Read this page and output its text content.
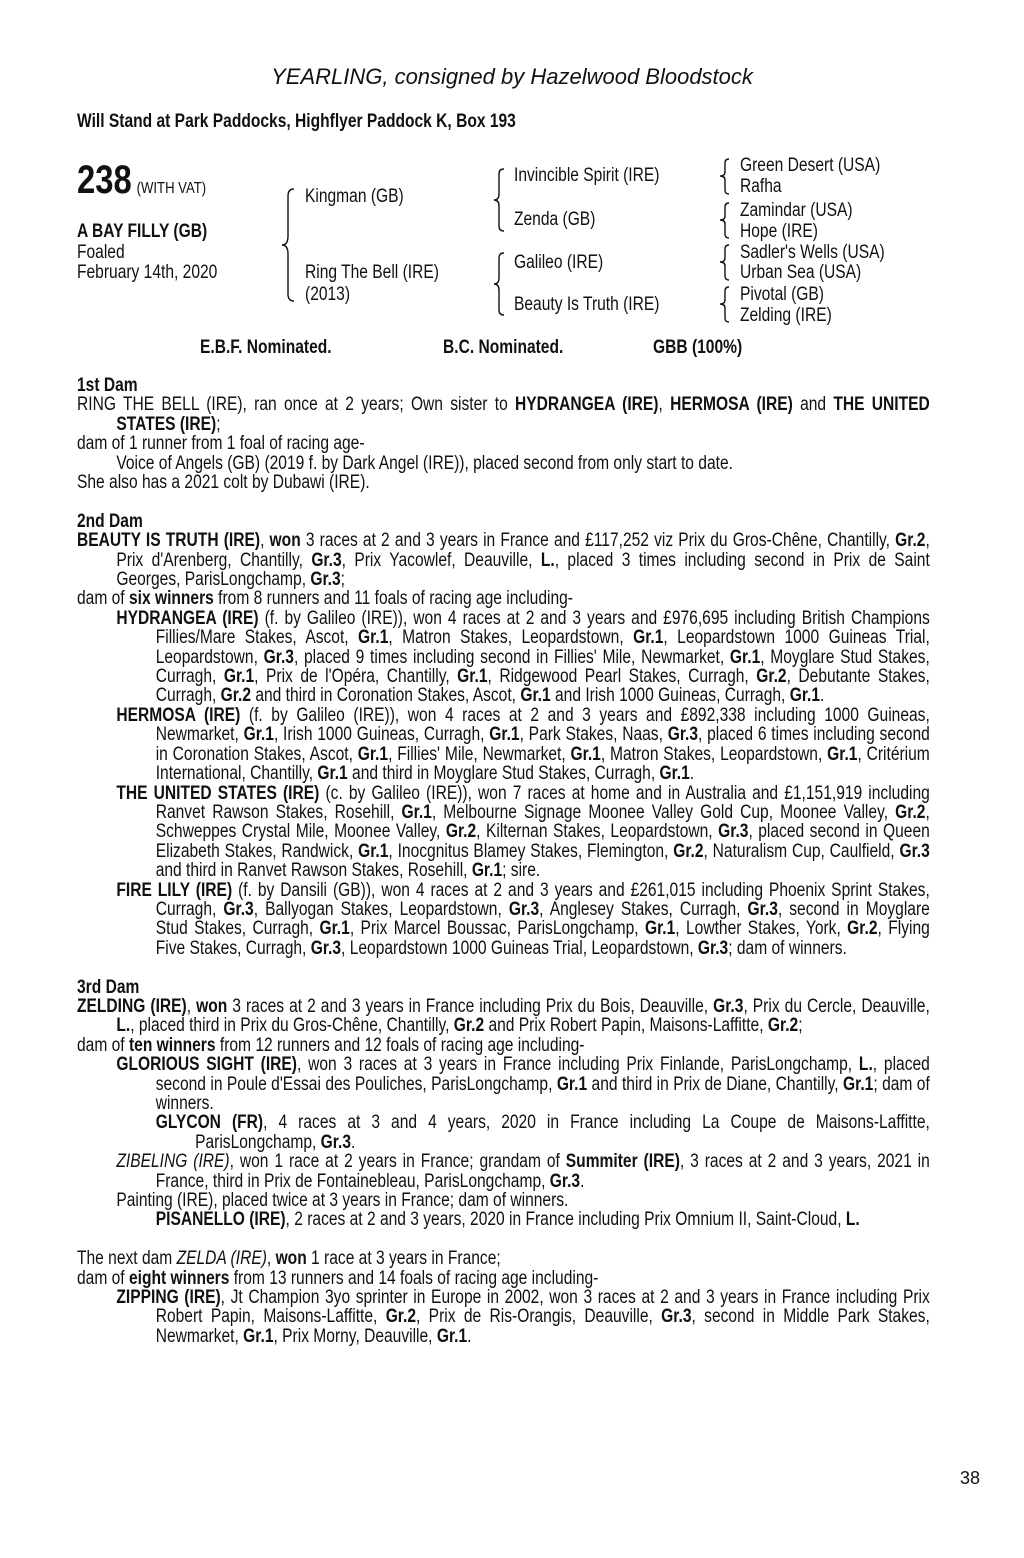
YEARLING, consigned by Hazelwood Bloodstock
Will Stand at Park Paddocks, Highflyer Paddock K, Box 193
238 (WITH VAT)
A BAY FILLY (GB)
Foaled
February 14th, 2020
Kingman (GB)
Ring The Bell (IRE)
(2013)
Invincible Spirit (IRE)
Zenda (GB)
Galileo (IRE)
Beauty Is Truth (IRE)
Green Desert (USA)
Rafha
Zamindar (USA)
Hope (IRE)
Sadler's Wells (USA)
Urban Sea (USA)
Pivotal (GB)
Zelding (IRE)
E.B.F. Nominated.	B.C. Nominated.	GBB (100%)
1st Dam
RING THE BELL (IRE), ran once at 2 years; Own sister to HYDRANGEA (IRE), HERMOSA (IRE) and THE UNITED STATES (IRE);
dam of 1 runner from 1 foal of racing age-
Voice of Angels (GB) (2019 f. by Dark Angel (IRE)), placed second from only start to date.
She also has a 2021 colt by Dubawi (IRE).
2nd Dam
BEAUTY IS TRUTH (IRE), won 3 races at 2 and 3 years in France and £117,252 viz Prix du Gros-Chêne, Chantilly, Gr.2, Prix d'Arenberg, Chantilly, Gr.3, Prix Yacowlef, Deauville, L., placed 3 times including second in Prix de Saint Georges, ParisLongchamp, Gr.3;
dam of six winners from 8 runners and 11 foals of racing age including-
HYDRANGEA (IRE) (f. by Galileo (IRE)), won 4 races at 2 and 3 years and £976,695 including British Champions Fillies/Mare Stakes, Ascot, Gr.1, Matron Stakes, Leopardstown, Gr.1, Leopardstown 1000 Guineas Trial, Leopardstown, Gr.3, placed 9 times including second in Fillies' Mile, Newmarket, Gr.1, Moyglare Stud Stakes, Curragh, Gr.1, Prix de l'Opéra, Chantilly, Gr.1, Ridgewood Pearl Stakes, Curragh, Gr.2, Debutante Stakes, Curragh, Gr.2 and third in Coronation Stakes, Ascot, Gr.1 and Irish 1000 Guineas, Curragh, Gr.1.
HERMOSA (IRE) (f. by Galileo (IRE)), won 4 races at 2 and 3 years and £892,338 including 1000 Guineas, Newmarket, Gr.1, Irish 1000 Guineas, Curragh, Gr.1, Park Stakes, Naas, Gr.3, placed 6 times including second in Coronation Stakes, Ascot, Gr.1, Fillies' Mile, Newmarket, Gr.1, Matron Stakes, Leopardstown, Gr.1, Critérium International, Chantilly, Gr.1 and third in Moyglare Stud Stakes, Curragh, Gr.1.
THE UNITED STATES (IRE) (c. by Galileo (IRE)), won 7 races at home and in Australia and £1,151,919 including Ranvet Rawson Stakes, Rosehill, Gr.1, Melbourne Signage Moonee Valley Gold Cup, Moonee Valley, Gr.2, Schweppes Crystal Mile, Moonee Valley, Gr.2, Kilternan Stakes, Leopardstown, Gr.3, placed second in Queen Elizabeth Stakes, Randwick, Gr.1, Inocgnitus Blamey Stakes, Flemington, Gr.2, Naturalism Cup, Caulfield, Gr.3 and third in Ranvet Rawson Stakes, Rosehill, Gr.1; sire.
FIRE LILY (IRE) (f. by Dansili (GB)), won 4 races at 2 and 3 years and £261,015 including Phoenix Sprint Stakes, Curragh, Gr.3, Ballyogan Stakes, Leopardstown, Gr.3, Anglesey Stakes, Curragh, Gr.3, second in Moyglare Stud Stakes, Curragh, Gr.1, Prix Marcel Boussac, ParisLongchamp, Gr.1, Lowther Stakes, York, Gr.2, Flying Five Stakes, Curragh, Gr.3, Leopardstown 1000 Guineas Trial, Leopardstown, Gr.3; dam of winners.
3rd Dam
ZELDING (IRE), won 3 races at 2 and 3 years in France including Prix du Bois, Deauville, Gr.3, Prix du Cercle, Deauville, L., placed third in Prix du Gros-Chêne, Chantilly, Gr.2 and Prix Robert Papin, Maisons-Laffitte, Gr.2;
dam of ten winners from 12 runners and 12 foals of racing age including-
GLORIOUS SIGHT (IRE), won 3 races at 3 years in France including Prix Finlande, ParisLongchamp, L., placed second in Poule d'Essai des Pouliches, ParisLongchamp, Gr.1 and third in Prix de Diane, Chantilly, Gr.1; dam of winners.
GLYCON (FR), 4 races at 3 and 4 years, 2020 in France including La Coupe de Maisons-Laffitte, ParisLongchamp, Gr.3.
ZIBELING (IRE), won 1 race at 2 years in France; grandam of Summiter (IRE), 3 races at 2 and 3 years, 2021 in France, third in Prix de Fontainebleau, ParisLongchamp, Gr.3.
Painting (IRE), placed twice at 3 years in France; dam of winners.
PISANELLO (IRE), 2 races at 2 and 3 years, 2020 in France including Prix Omnium II, Saint-Cloud, L.
The next dam ZELDA (IRE), won 1 race at 3 years in France;
dam of eight winners from 13 runners and 14 foals of racing age including-
ZIPPING (IRE), Jt Champion 3yo sprinter in Europe in 2002, won 3 races at 2 and 3 years in France including Prix Robert Papin, Maisons-Laffitte, Gr.2, Prix de Ris-Orangis, Deauville, Gr.3, second in Middle Park Stakes, Newmarket, Gr.1, Prix Morny, Deauville, Gr.1.
38
